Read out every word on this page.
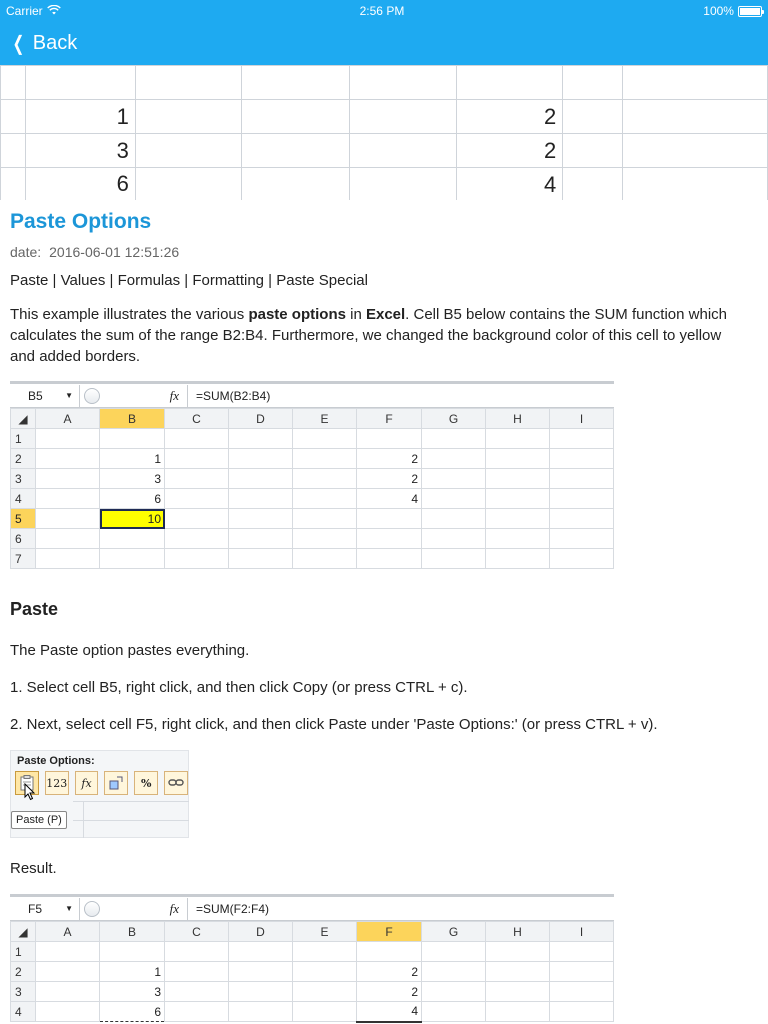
Carrier	2:56 PM	100%
❮ Back

	1				2		
	3				2		
	6				4		

Paste Options
date: 2016-06-01 12:51:26
Paste | Values | Formulas | Formatting | Paste Special
This example illustrates the various paste options in Excel. Cell B5 below contains the SUM function which calculates the sum of the range B2:B4. Furthermore, we changed the background color of this cell to yellow and added borders.
B5	▼	fx	=SUM(B2:B4)
◢	A	B	C	D	E	F	G	H	I
1									
2		1				2			
3		3				2			
4		6				4			
5		10							
6									
7									
Paste
The Paste option pastes everything.
1. Select cell B5, right click, and then click Copy (or press CTRL + c).
2. Next, select cell F5, right click, and then click Paste under 'Paste Options:' (or press CTRL + v).
Paste Options:
123	fx	%
Paste (P)
Result.
F5	▼	fx	=SUM(F2:F4)
◢	A	B	C	D	E	F	G	H	I
1									
2		1				2			
3		3				2			
4		6				4			
